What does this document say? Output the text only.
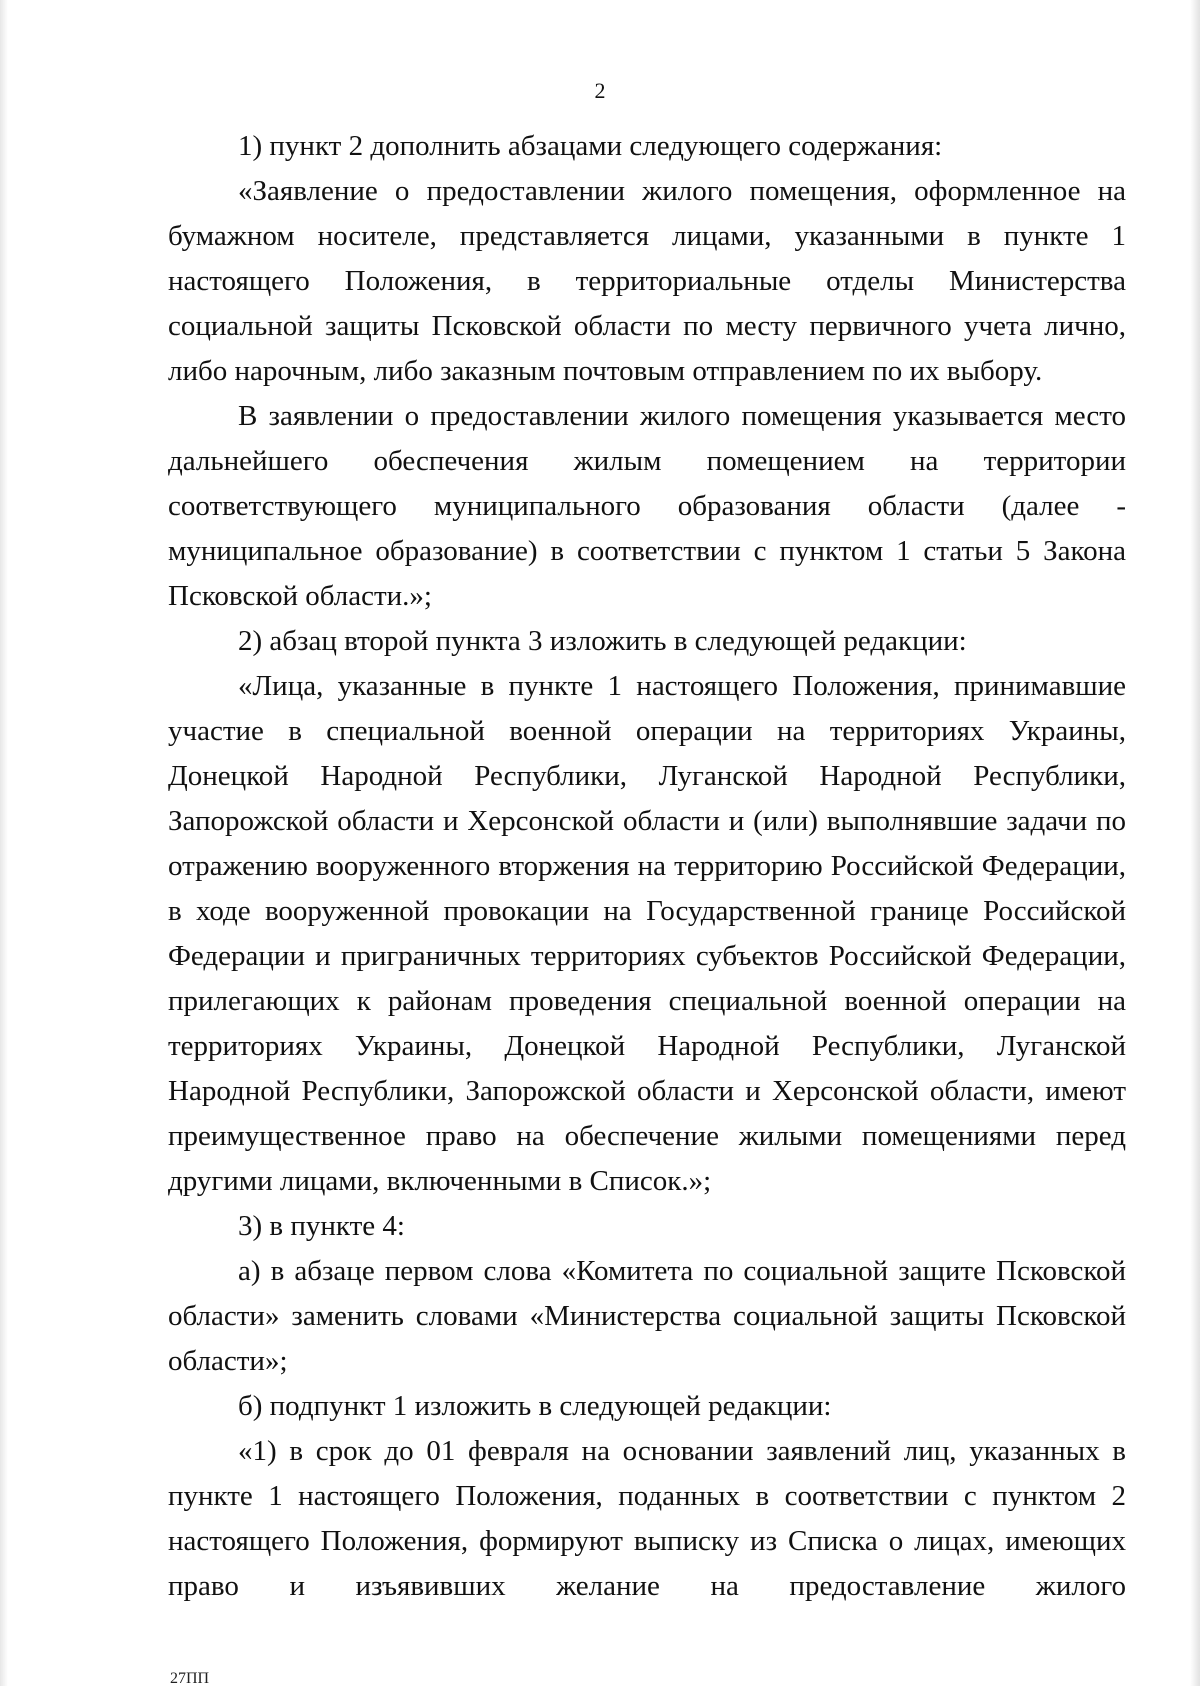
2

1) пункт 2 дополнить абзацами следующего содержания:

«Заявление о предоставлении жилого помещения, оформленное на бумажном носителе, представляется лицами, указанными в пункте 1 настоящего Положения, в территориальные отделы Министерства социальной защиты Псковской области по месту первичного учета лично, либо нарочным, либо заказным почтовым отправлением по их выбору.

В заявлении о предоставлении жилого помещения указывается место дальнейшего обеспечения жилым помещением на территории соответствующего муниципального образования области (далее - муниципальное образование) в соответствии с пунктом 1 статьи 5 Закона Псковской области.»;

2) абзац второй пункта 3 изложить в следующей редакции:

«Лица, указанные в пункте 1 настоящего Положения, принимавшие участие в специальной военной операции на территориях Украины, Донецкой Народной Республики, Луганской Народной Республики, Запорожской области и Херсонской области и (или) выполнявшие задачи по отражению вооруженного вторжения на территорию Российской Федерации, в ходе вооруженной провокации на Государственной границе Российской Федерации и приграничных территориях субъектов Российской Федерации, прилегающих к районам проведения специальной военной операции на территориях Украины, Донецкой Народной Республики, Луганской Народной Республики, Запорожской области и Херсонской области, имеют преимущественное право на обеспечение жилыми помещениями перед другими лицами, включенными в Список.»;

3) в пункте 4:

а) в абзаце первом слова «Комитета по социальной защите Псковской области» заменить словами «Министерства социальной защиты Псковской области»;

б) подпункт 1 изложить в следующей редакции:

«1) в срок до 01 февраля на основании заявлений лиц, указанных в пункте 1 настоящего Положения, поданных в соответствии с пунктом 2 настоящего Положения, формируют выписку из Списка о лицах, имеющих право и изъявивших желание на предоставление жилого

27ПП
